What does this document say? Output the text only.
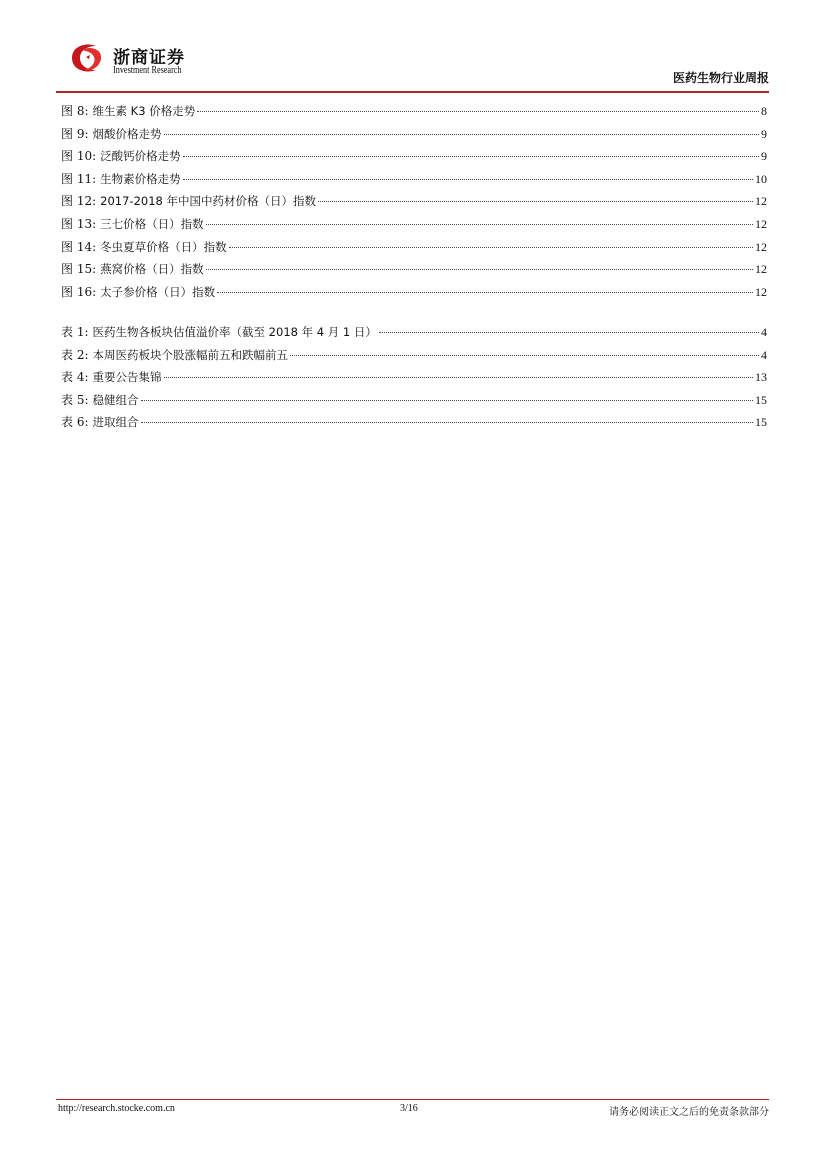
浙商证券
Investment Research
医药生物行业周报
图 8: 维生素 K3 价格走势	8
图 9: 烟酸价格走势	9
图 10: 泛酸钙价格走势	9
图 11: 生物素价格走势	10
图 12: 2017-2018 年中国中药材价格（日）指数	12
图 13: 三七价格（日）指数	12
图 14: 冬虫夏草价格（日）指数	12
图 15: 燕窝价格（日）指数	12
图 16: 太子参价格（日）指数	12
表 1: 医药生物各板块估值溢价率（截至 2018 年 4 月 1 日）	4
表 2: 本周医药板块个股涨幅前五和跌幅前五	4
表 4: 重要公告集锦	13
表 5: 稳健组合	15
表 6: 进取组合	15
http://research.stocke.com.cn	3/16	请务必阅读正文之后的免责条款部分
